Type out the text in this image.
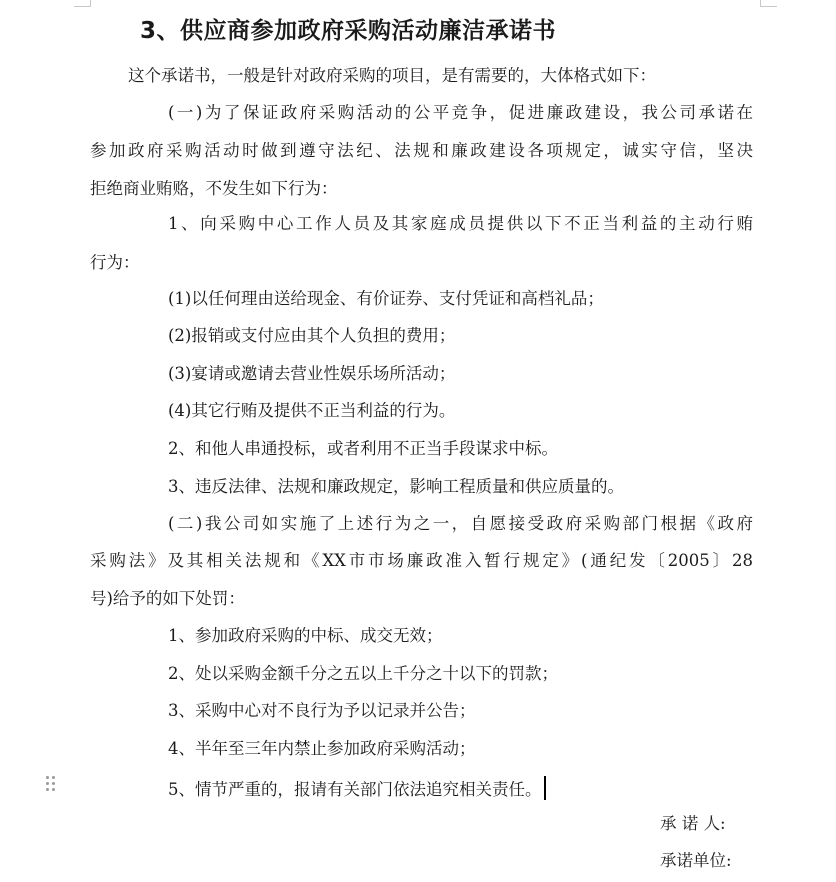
3、供应商参加政府采购活动廉洁承诺书
这个承诺书，一般是针对政府采购的项目，是有需要的，大体格式如下：
(一)为了保证政府采购活动的公平竞争，促进廉政建设，我公司承诺在
参加政府采购活动时做到遵守法纪、法规和廉政建设各项规定，诚实守信，坚决
拒绝商业贿赂，不发生如下行为：
1、向采购中心工作人员及其家庭成员提供以下不正当利益的主动行贿
行为：
(1)以任何理由送给现金、有价证券、支付凭证和高档礼品；
(2)报销或支付应由其个人负担的费用；
(3)宴请或邀请去营业性娱乐场所活动；
(4)其它行贿及提供不正当利益的行为。
2、和他人串通投标，或者利用不正当手段谋求中标。
3、违反法律、法规和廉政规定，影响工程质量和供应质量的。
(二)我公司如实施了上述行为之一，自愿接受政府采购部门根据《政府
采购法》及其相关法规和《XX市市场廉政准入暂行规定》(通纪发〔2005〕28
号)给予的如下处罚：
1、参加政府采购的中标、成交无效；
2、处以采购金额千分之五以上千分之十以下的罚款；
3、采购中心对不良行为予以记录并公告；
4、半年至三年内禁止参加政府采购活动；
5、情节严重的，报请有关部门依法追究相关责任。
承 诺 人:
承诺单位:
